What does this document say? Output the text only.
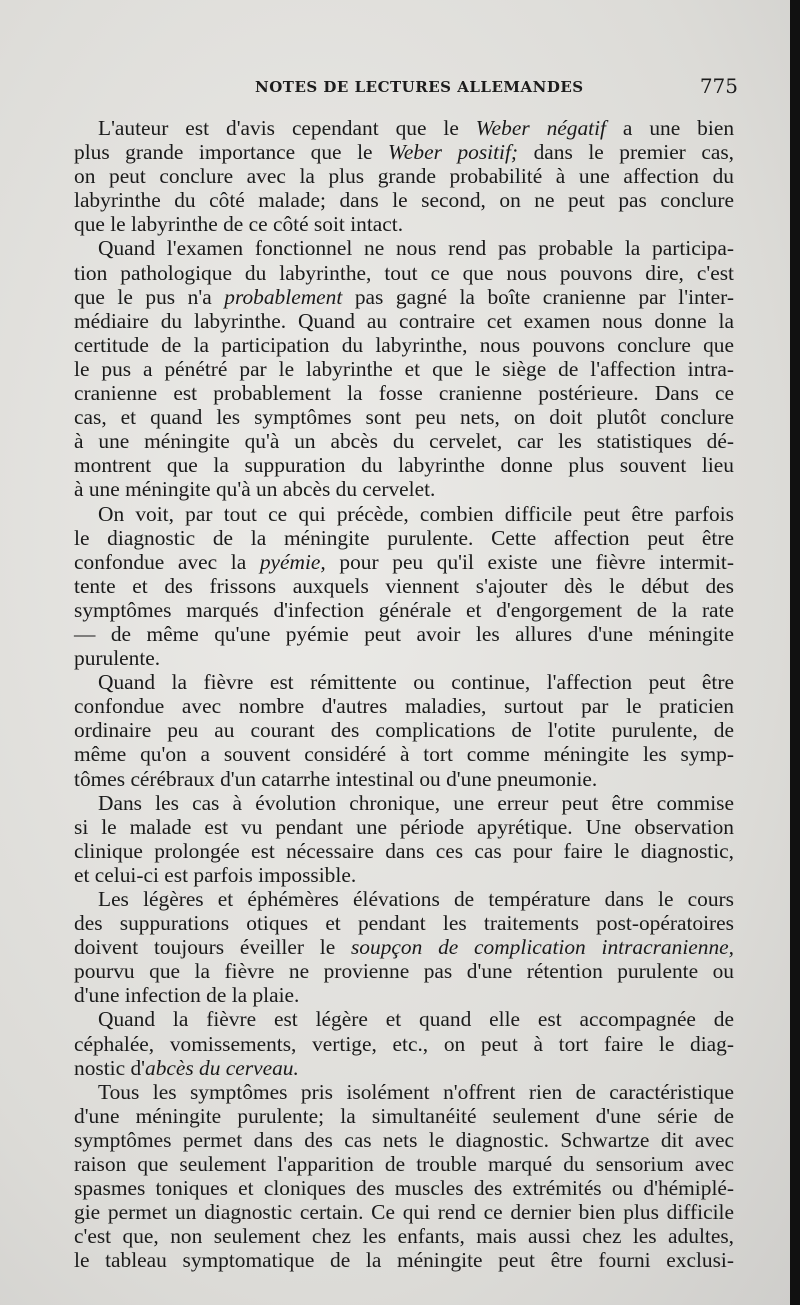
NOTES DE LECTURES ALLEMANDES	775
L'auteur est d'avis cependant que le Weber négatif a une bien
plus grande importance que le Weber positif; dans le premier cas,
on peut conclure avec la plus grande probabilité à une affection du
labyrinthe du côté malade; dans le second, on ne peut pas conclure
que le labyrinthe de ce côté soit intact.
Quand l'examen fonctionnel ne nous rend pas probable la participa-
tion pathologique du labyrinthe, tout ce que nous pouvons dire, c'est
que le pus n'a probablement pas gagné la boîte cranienne par l'inter-
médiaire du labyrinthe. Quand au contraire cet examen nous donne la
certitude de la participation du labyrinthe, nous pouvons conclure que
le pus a pénétré par le labyrinthe et que le siège de l'affection intra-
cranienne est probablement la fosse cranienne postérieure. Dans ce
cas, et quand les symptômes sont peu nets, on doit plutôt conclure
à une méningite qu'à un abcès du cervelet, car les statistiques dé-
montrent que la suppuration du labyrinthe donne plus souvent lieu
à une méningite qu'à un abcès du cervelet.
On voit, par tout ce qui précède, combien difficile peut être parfois
le diagnostic de la méningite purulente. Cette affection peut être
confondue avec la pyémie, pour peu qu'il existe une fièvre intermit-
tente et des frissons auxquels viennent s'ajouter dès le début des
symptômes marqués d'infection générale et d'engorgement de la rate
— de même qu'une pyémie peut avoir les allures d'une méningite
purulente.
Quand la fièvre est rémittente ou continue, l'affection peut être
confondue avec nombre d'autres maladies, surtout par le praticien
ordinaire peu au courant des complications de l'otite purulente, de
même qu'on a souvent considéré à tort comme méningite les symp-
tômes cérébraux d'un catarrhe intestinal ou d'une pneumonie.
Dans les cas à évolution chronique, une erreur peut être commise
si le malade est vu pendant une période apyrétique. Une observation
clinique prolongée est nécessaire dans ces cas pour faire le diagnostic,
et celui-ci est parfois impossible.
Les légères et éphémères élévations de température dans le cours
des suppurations otiques et pendant les traitements post-opératoires
doivent toujours éveiller le soupçon de complication intracranienne,
pourvu que la fièvre ne provienne pas d'une rétention purulente ou
d'une infection de la plaie.
Quand la fièvre est légère et quand elle est accompagnée de
céphalée, vomissements, vertige, etc., on peut à tort faire le diag-
nostic d'abcès du cerveau.
Tous les symptômes pris isolément n'offrent rien de caractéristique
d'une méningite purulente; la simultanéité seulement d'une série de
symptômes permet dans des cas nets le diagnostic. Schwartze dit avec
raison que seulement l'apparition de trouble marqué du sensorium avec
spasmes toniques et cloniques des muscles des extrémités ou d'hémiplé-
gie permet un diagnostic certain. Ce qui rend ce dernier bien plus difficile
c'est que, non seulement chez les enfants, mais aussi chez les adultes,
le tableau symptomatique de la méningite peut être fourni exclusi-
